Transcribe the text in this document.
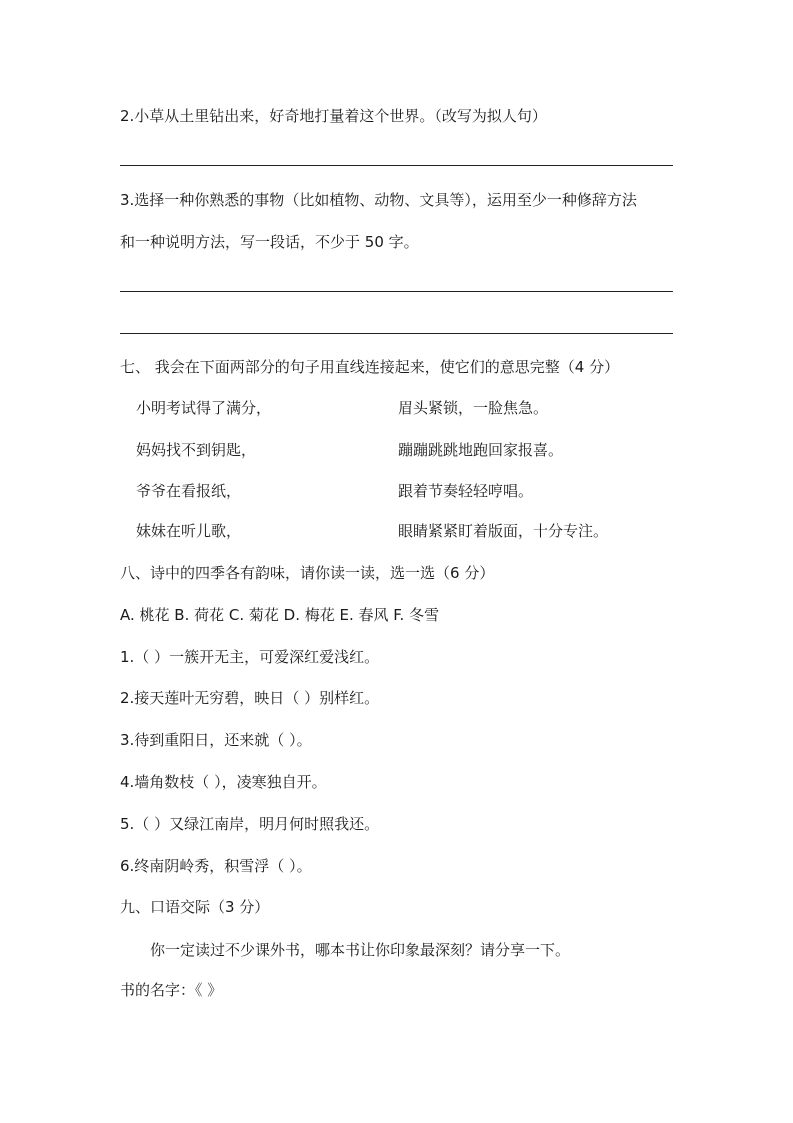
2.小草从土里钻出来，好奇地打量着这个世界。（改写为拟人句）
3.选择一种你熟悉的事物（比如植物、动物、文具等），运用至少一种修辞方法
和一种说明方法，写一段话，不少于 50 字。
七、 我会在下面两部分的句子用直线连接起来，使它们的意思完整（4 分）
小明考试得了满分，	眉头紧锁，一脸焦急。
妈妈找不到钥匙，	蹦蹦跳跳地跑回家报喜。
爷爷在看报纸，	跟着节奏轻轻哼唱。
妹妹在听儿歌，	眼睛紧紧盯着版面，十分专注。
八、诗中的四季各有韵味，请你读一读，选一选（6 分）
A. 桃花 B. 荷花 C. 菊花 D. 梅花 E. 春风 F. 冬雪
1.（ ）一簇开无主，可爱深红爱浅红。
2.接天莲叶无穷碧，映日（ ）别样红。
3.待到重阳日，还来就（ ）。
4.墙角数枝（ ），凌寒独自开。
5.（ ）又绿江南岸，明月何时照我还。
6.终南阴岭秀，积雪浮（ ）。
九、口语交际（3 分）
你一定读过不少课外书，哪本书让你印象最深刻？请分享一下。
书的名字：《 》
